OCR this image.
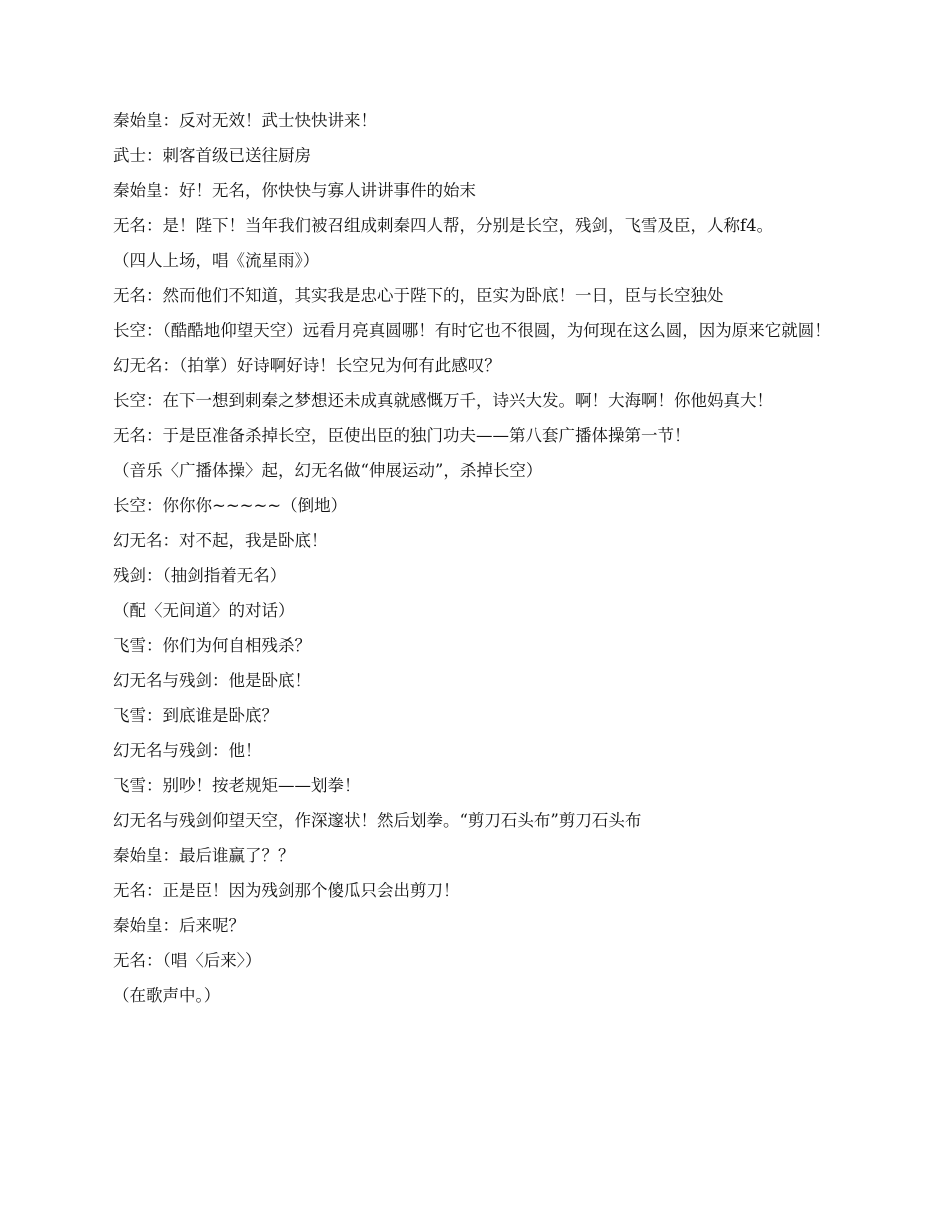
秦始皇：反对无效！武士快快讲来！

武士：刺客首级已送往厨房

秦始皇：好！无名，你快快与寡人讲讲事件的始末

无名：是！陛下！当年我们被召组成刺秦四人帮，分别是长空，残剑，飞雪及臣，人称f4。

（四人上场，唱《流星雨》）

无名：然而他们不知道，其实我是忠心于陛下的，臣实为卧底！一日，臣与长空独处

长空：（酷酷地仰望天空）远看月亮真圆哪！有时它也不很圆，为何现在这么圆，因为原来它就圆！

幻无名：（拍掌）好诗啊好诗！长空兄为何有此感叹？

长空：在下一想到刺秦之梦想还未成真就感慨万千，诗兴大发。啊！大海啊！你他妈真大！

无名：于是臣准备杀掉长空，臣使出臣的独门功夫——第八套广播体操第一节！

（音乐〈广播体操〉起，幻无名做“伸展运动”，杀掉长空）

长空：你你你~~~~~（倒地）

幻无名：对不起，我是卧底！

残剑：（抽剑指着无名）

（配〈无间道〉的对话）

飞雪：你们为何自相残杀？

幻无名与残剑：他是卧底！

飞雪：到底谁是卧底？

幻无名与残剑：他！

飞雪：别吵！按老规矩——划拳！

幻无名与残剑仰望天空，作深邃状！然后划拳。“剪刀石头布”剪刀石头布

秦始皇：最后谁赢了？？

无名：正是臣！因为残剑那个傻瓜只会出剪刀！

秦始皇：后来呢？

无名：（唱〈后来〉）

（在歌声中。）
